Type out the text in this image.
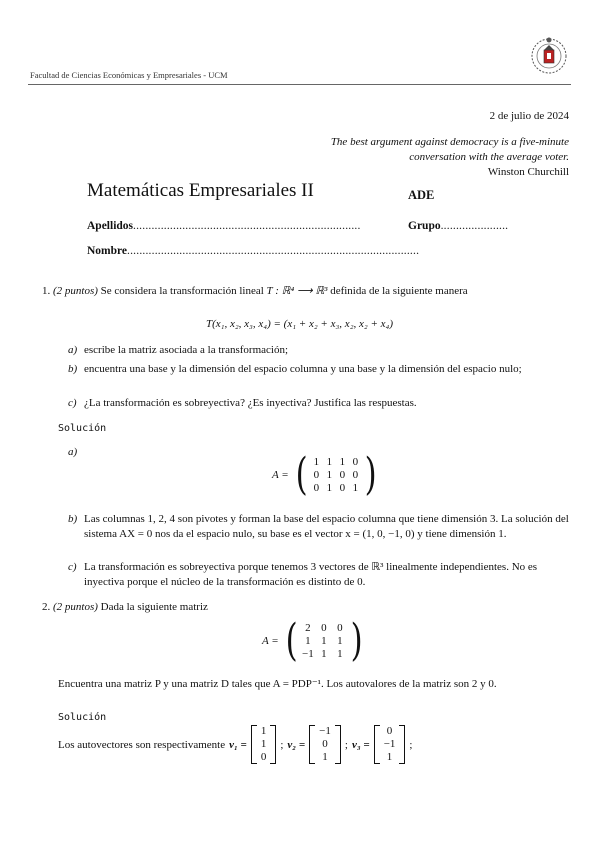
Facultad de Ciencias Económicas y Empresariales - UCM
2 de julio de 2024
The best argument against democracy is a five-minute
conversation with the average voter.
Winston Churchill
Matemáticas Empresariales II	ADE
Apellidos..........................................................................	Grupo......................
Nombre...............................................................................................
1. (2 puntos) Se considera la transformación lineal T : ℝ⁴ ⟶ ℝ³ definida de la siguiente manera
T(x₁, x₂, x₃, x₄) = (x₁ + x₂ + x₃, x₂, x₂ + x₄)
a) escribe la matriz asociada a la transformación;
b) encuentra una base y la dimensión del espacio columna y una base y la dimensión del espacio nulo;
c) ¿La transformación es sobreyectiva? ¿Es inyectiva? Justifica las respuestas.
Solución
a)
A = ( 1 1 1 0
0 1 0 0
0 1 0 1 )
b) Las columnas 1, 2, 4 son pivotes y forman la base del espacio columna que tiene dimensión 3. La solución del sistema AX = 0 nos da el espacio nulo, su base es el vector x = (1, 0, −1, 0) y tiene dimensión 1.
c) La transformación es sobreyectiva porque tenemos 3 vectores de ℝ³ linealmente independientes. No es inyectiva porque el núcleo de la transformación es distinto de 0.
2. (2 puntos) Dada la siguiente matriz
A = ( 2 0 0
1 1 1
−1 1 1 )
Encuentra una matriz P y una matriz D tales que A = PDP⁻¹. Los autovalores de la matriz son 2 y 0.
Solución
Los autovectores son respectivamente v₁ =
1
1
0
; v₂ =
−1
0
1
; v₃ =
0
−1
1
;
